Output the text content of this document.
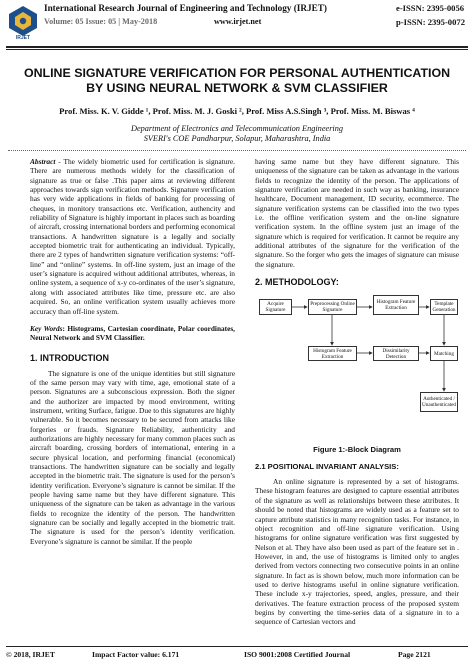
IRJET
International Research Journal of Engineering and Technology (IRJET)	e-ISSN: 2395-0056
Volume: 05 Issue: 05 | May-2018	www.irjet.net	p-ISSN: 2395-0072
ONLINE SIGNATURE VERIFICATION FOR PERSONAL AUTHENTICATION
BY USING NEURAL NETWORK & SVM CLASSIFIER
Prof. Miss. K. V. Gidde ¹, Prof. Miss. M. J. Goski ², Prof. Miss A.S.Singh ³, Prof. Miss. M. Biswas ⁴
Department of Electronics and Telecommunication Engineering
SVERI's COE Pandharpur, Solapur, Maharashtra, India

Abstract - The widely biometric used for certification is signature. There are numerous methods widely for the classification of signature as true or false .This paper aims at reviewing different approaches towards sign verification methods. Signature verification has very wide applications in fields of banking for processing of cheques, in monitory transactions etc. Verification, authencity and reliability of Signature is highly important in places such as boarding of aircraft, crossing international borders and performing economical transactions. A handwritten signature is a legally and socially accepted biometric trait for authenticating an individual. Typically, there are 2 types of handwritten signature verification systems: “off-line” and “online” systems. In off-line system, just an image of the user’s signature is acquired without additional attributes, whereas, in online system, a sequence of x-y co-ordinates of the user’s signature, along with associated attributes like time, pressure etc. are also acquired. So, an online verification system usually achieves more accuracy than off-line system.

Key Words: Histograms, Cartesian coordinate, Polar coordinates, Neural Network and SVM Classifier.

1. INTRODUCTION

The signature is one of the unique identities but still signature of the same person may vary with time, age, emotional state of a person. Signatures are a subconscious expression. Both the signer and the authorizer are impacted by mood environment, writing instrument, writing Surface, fatigue. Due to this signatures are highly vulnerable. So it becomes necessary to be secured from attacks like forgeries or frauds. Signature Reliability, authenticity and authorizations are highly necessary for many common places such as aircraft boarding, crossing borders of international, entering in a secure physical location, and performing financial (economical) transactions. The handwritten signature can be socially and legally accepted in the biometric trait. The signature is used for the person’s identity verification. Everyone’s signature is cannot be similar. If the people having same name but they have different signature. This uniqueness of the signature can be taken as advantage in the various fields to recognize the identity of the person. The handwritten signature can be socially and legally accepted in the biometric trait. The signature is used for the person’s identity verification. Everyone’s signature is cannot be similar. If the people

having same name but they have different signature. This uniqueness of the signature can be taken as advantage in the various fields to recognize the identity of the person. The applications of signature verification are needed in such way as banking, insurance healthcare, Document management, ID security, ecommerce. The signature verification systems can be classified into the two types i.e. the offline verification system and the on-line signature verification system. In the offline system just an image of the signature which is required for verification. It cannot be require any additional attributes of the signature for the verification of the signature. So the forger who gets the images of signature can misuse the signature.

2. METHODOLOGY:
Acquire Signature
Preprocessing Online Signature
Histogram Feature Extraction
Template Generation
Histogram Feature Extraction
Dissimilarity Detection	Matching
Authenticated / Unauthenticated
Figure 1:-Block Diagram
2.1 POSITIONAL INVARIANT ANALYSIS:

An online signature is represented by a set of histograms. These histogram features are designed to capture essential attributes of the signature as well as relationships between these attributes. It should be noted that histograms are widely used as a feature set to capture attribute statistics in many recognition tasks. For instance, in object recognition and off-line signature verification. Using histograms for online signature verification was first suggested by Nelson et al. They have also been used as part of the feature set in . However, in and, the use of histograms is limited only to angles derived from vectors connecting two consecutive points in an online signature. In fact as is shown below, much more information can be used to derive histograms useful in online signature verification. These include x-y trajectories, speed, angles, pressure, and their derivatives. The feature extraction process of the proposed system begins by converting the time-series data of a signature in to a sequence of Cartesian vectors and

© 2018, IRJET	Impact Factor value: 6.171	ISO 9001:2008 Certified Journal	Page 2121
